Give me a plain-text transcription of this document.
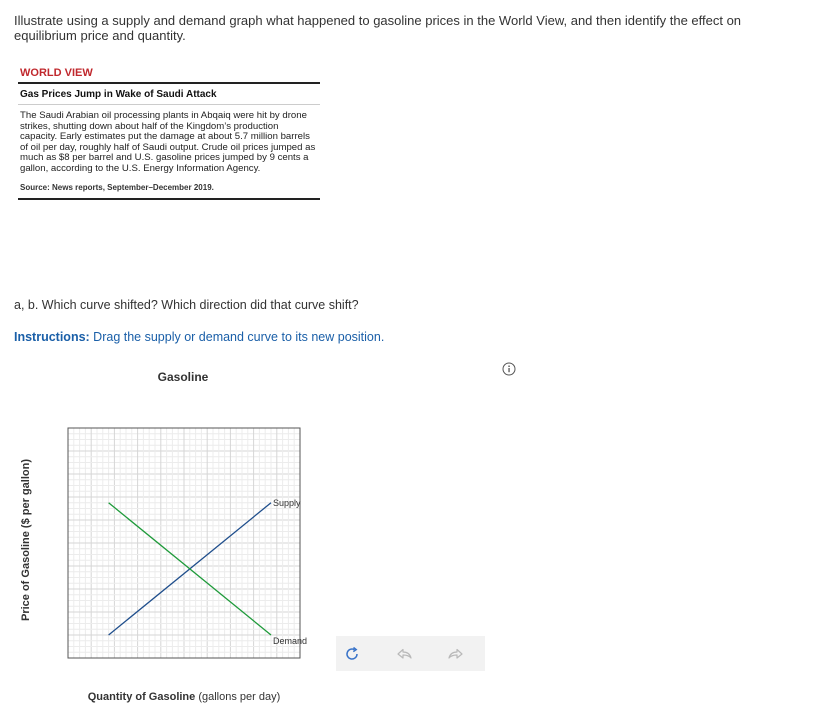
Illustrate using a supply and demand graph what happened to gasoline prices in the World View, and then identify the effect on equilibrium price and quantity.
WORLD VIEW
Gas Prices Jump in Wake of Saudi Attack
The Saudi Arabian oil processing plants in Abqaiq were hit by drone strikes, shutting down about half of the Kingdom’s production capacity. Early estimates put the damage at about 5.7 million barrels of oil per day, roughly half of Saudi output. Crude oil prices jumped as much as $8 per barrel and U.S. gasoline prices jumped by 9 cents a gallon, according to the U.S. Energy Information Agency.
Source: News reports, September–December 2019.
a, b. Which curve shifted? Which direction did that curve shift?
Instructions: Drag the supply or demand curve to its new position.
Gasoline
Price of Gasoline ($ per gallon)
Quantity of Gasoline (gallons per day)
Supply
Demand
